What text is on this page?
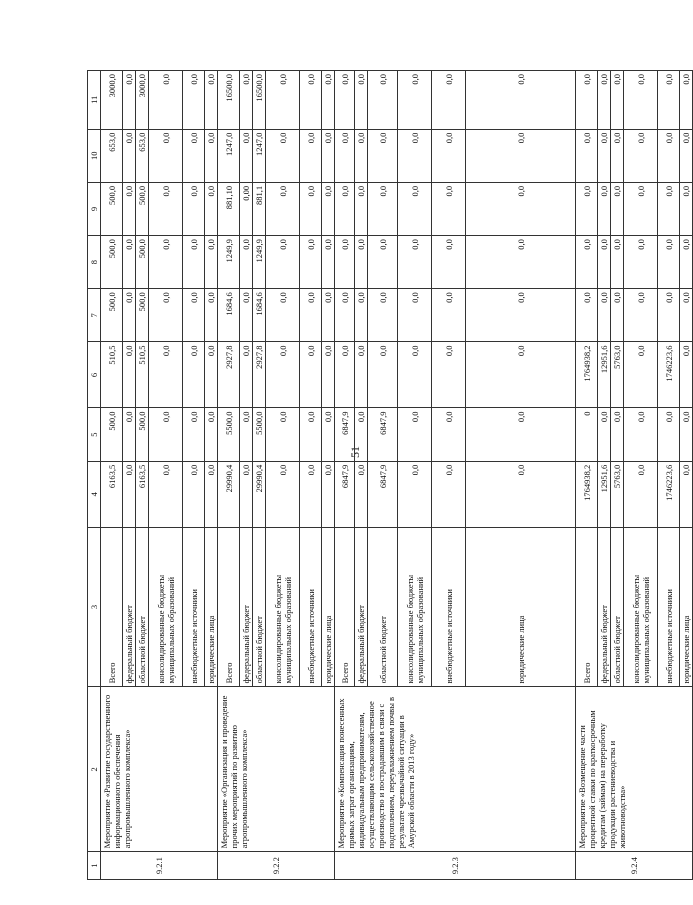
51
1	2	3	4	5	6	7	8	9	10	11
9.2.1	Мероприятие «Развитие государственного информационного обеспечения агропромышленного комплекса»	Всего	6163,5	500,0	510,5	500,0	500,0	500,0	653,0	3000,0
		федеральный бюджет	0,0	0,0	0,0	0,0	0,0	0,0	0,0	0,0
		областной бюджет	6163,5	500,0	510,5	500,0	500,0	500,0	653,0	3000,0
		консолидированные бюджеты муниципальных образований	0,0	0,0	0,0	0,0	0,0	0,0	0,0	0,0
		внебюджетные источники	0,0	0,0	0,0	0,0	0,0	0,0	0,0	0,0
		юридические лица	0,0	0,0	0,0	0,0	0,0	0,0	0,0	0,0
9.2.2	Мероприятие «Организация и проведение прочих мероприятий по развитию агропромышленного комплекса»	Всего	29990,4	5500,0	2927,8	1684,6	1249,9	881,10	1247,0	16500,0
		федеральный бюджет	0,0	0,0	0,0	0,0	0,0	0,00	0,0	0,0
		областной бюджет	29990,4	5500,0	2927,8	1684,6	1249,9	881,1	1247,0	16500,0
		консолидированные бюджеты муниципальных образований	0,0	0,0	0,0	0,0	0,0	0,0	0,0	0,0
		внебюджетные источники	0,0	0,0	0,0	0,0	0,0	0,0	0,0	0,0
		юридические лица	0,0	0,0	0,0	0,0	0,0	0,0	0,0	0,0
9.2.3	Мероприятие «Компенсация понесенных прямых затрат организациям, индивидуальным предпринимателям, осуществляющим сельскохозяйственное производство и пострадавшим в связи с подтоплением, переувлажнением почвы в результате чрезвычайной ситуации в Амурской области в 2013 году»	Всего	6847,9	6847,9	0,0	0,0	0,0	0,0	0,0	0,0
		федеральный бюджет	0,0	0,0	0,0	0,0	0,0	0,0	0,0	0,0
		областной бюджет	6847,9	6847,9	0,0	0,0	0,0	0,0	0,0	0,0
		консолидированные бюджеты муниципальных образований	0,0	0,0	0,0	0,0	0,0	0,0	0,0	0,0
		внебюджетные источники	0,0	0,0	0,0	0,0	0,0	0,0	0,0	0,0
		юридические лица	0,0	0,0	0,0	0,0	0,0	0,0	0,0	0,0
9.2.4	Мероприятие «Возмещение части процентной ставки по краткосрочным кредитам (займам) на переработку продукции растениеводства и животноводства»	Всего	1764938,2	0	1764938,2	0,0	0,0	0,0	0,0	0,0
		федеральный бюджет	12951,6	0,0	12951,6	0,0	0,0	0,0	0,0	0,0
		областной бюджет	5763,0	0,0	5763,0	0,0	0,0	0,0	0,0	0,0
		консолидированные бюджеты муниципальных образований	0,0	0,0	0,0	0,0	0,0	0,0	0,0	0,0
		внебюджетные источники	1746223,6	0,0	1746223,6	0,0	0,0	0,0	0,0	0,0
		юридические лица	0,0	0,0	0,0	0,0	0,0	0,0	0,0	0,0
